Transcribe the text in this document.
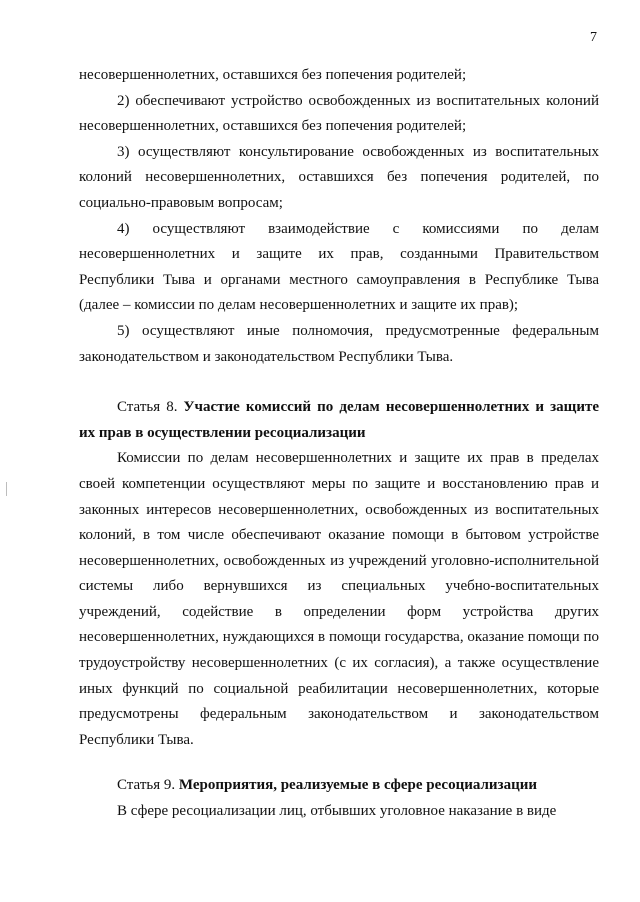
7

несовершеннолетних, оставшихся без попечения родителей;

2) обеспечивают устройство освобожденных из воспитательных колоний несовершеннолетних, оставшихся без попечения родителей;

3) осуществляют консультирование освобожденных из воспитательных колоний несовершеннолетних, оставшихся без попечения родителей, по социально-правовым вопросам;

4) осуществляют взаимодействие с комиссиями по делам несовершеннолетних и защите их прав, созданными Правительством Республики Тыва и органами местного самоуправления в Республике Тыва (далее – комиссии по делам несовершеннолетних и защите их прав);

5) осуществляют иные полномочия, предусмотренные федеральным законодательством и законодательством Республики Тыва.

Статья 8. Участие комиссий по делам несовершеннолетних и защите их прав в осуществлении ресоциализации

Комиссии по делам несовершеннолетних и защите их прав в пределах своей компетенции осуществляют меры по защите и восстановлению прав и законных интересов несовершеннолетних, освобожденных из воспитательных колоний, в том числе обеспечивают оказание помощи в бытовом устройстве несовершеннолетних, освобожденных из учреждений уголовно-исполнительной системы либо вернувшихся из специальных учебно-воспитательных учреждений, содействие в определении форм устройства других несовершеннолетних, нуждающихся в помощи государства, оказание помощи по трудоустройству несовершеннолетних (с их согласия), а также осуществление иных функций по социальной реабилитации несовершеннолетних, которые предусмотрены федеральным законодательством и законодательством Республики Тыва.

Статья 9. Мероприятия, реализуемые в сфере ресоциализации

В сфере ресоциализации лиц, отбывших уголовное наказание в виде
